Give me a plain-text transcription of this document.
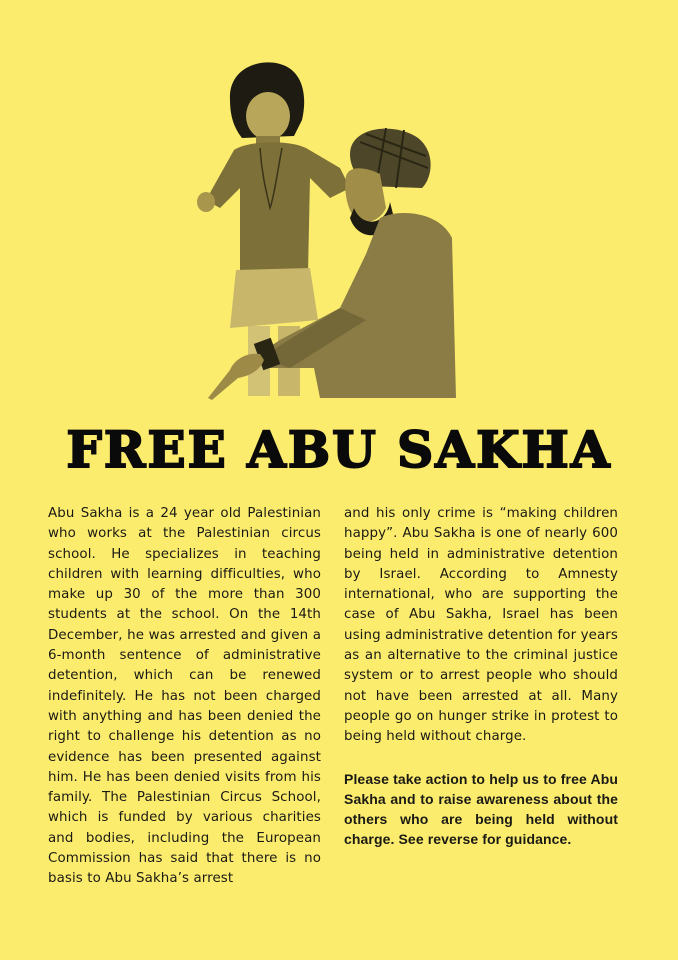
FREE ABU SAKHA

Abu Sakha is a 24 year old Palestinian who works at the Palestinian circus school. He specializes in teaching children with learning difficulties, who make up 30 of the more than 300 students at the school. On the 14th December, he was arrested and given a 6-month sentence of administrative detention, which can be renewed indefinitely. He has not been charged with anything and has been denied the right to challenge his detention as no evidence has been presented against him. He has been denied visits from his family. The Palestinian Circus School, which is funded by various charities and bodies, including the European Commission has said that there is no basis to Abu Sakha’s arrest

and his only crime is “making children happy”. Abu Sakha is one of nearly 600 being held in administrative detention by Israel. According to Amnesty international, who are supporting the case of Abu Sakha, Israel has been using administrative detention for years as an alternative to the criminal justice system or to arrest people who should not have been arrested at all. Many people go on hunger strike in protest to being held without charge.

Please take action to help us to free Abu Sakha and to raise awareness about the others who are being held without charge. See reverse for guidance.
